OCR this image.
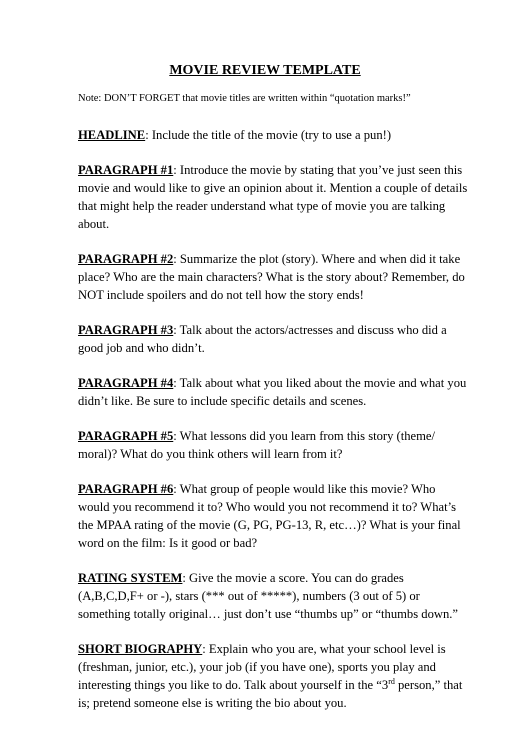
MOVIE REVIEW TEMPLATE
Note: DON’T FORGET that movie titles are written within “quotation marks!”

HEADLINE: Include the title of the movie (try to use a pun!)

PARAGRAPH #1: Introduce the movie by stating that you’ve just seen this movie and would like to give an opinion about it. Mention a couple of details that might help the reader understand what type of movie you are talking about.

PARAGRAPH #2: Summarize the plot (story). Where and when did it take place? Who are the main characters? What is the story about? Remember, do NOT include spoilers and do not tell how the story ends!

PARAGRAPH #3: Talk about the actors/actresses and discuss who did a good job and who didn’t.

PARAGRAPH #4: Talk about what you liked about the movie and what you didn’t like. Be sure to include specific details and scenes.

PARAGRAPH #5: What lessons did you learn from this story (theme/ moral)? What do you think others will learn from it?

PARAGRAPH #6: What group of people would like this movie? Who would you recommend it to? Who would you not recommend it to? What’s the MPAA rating of the movie (G, PG, PG-13, R, etc…)? What is your final word on the film: Is it good or bad?

RATING SYSTEM: Give the movie a score. You can do grades (A,B,C,D,F+ or -), stars (*** out of *****), numbers (3 out of 5) or something totally original… just don’t use “thumbs up” or “thumbs down.”

SHORT BIOGRAPHY: Explain who you are, what your school level is (freshman, junior, etc.), your job (if you have one), sports you play and interesting things you like to do. Talk about yourself in the “3rd person,” that is; pretend someone else is writing the bio about you.
